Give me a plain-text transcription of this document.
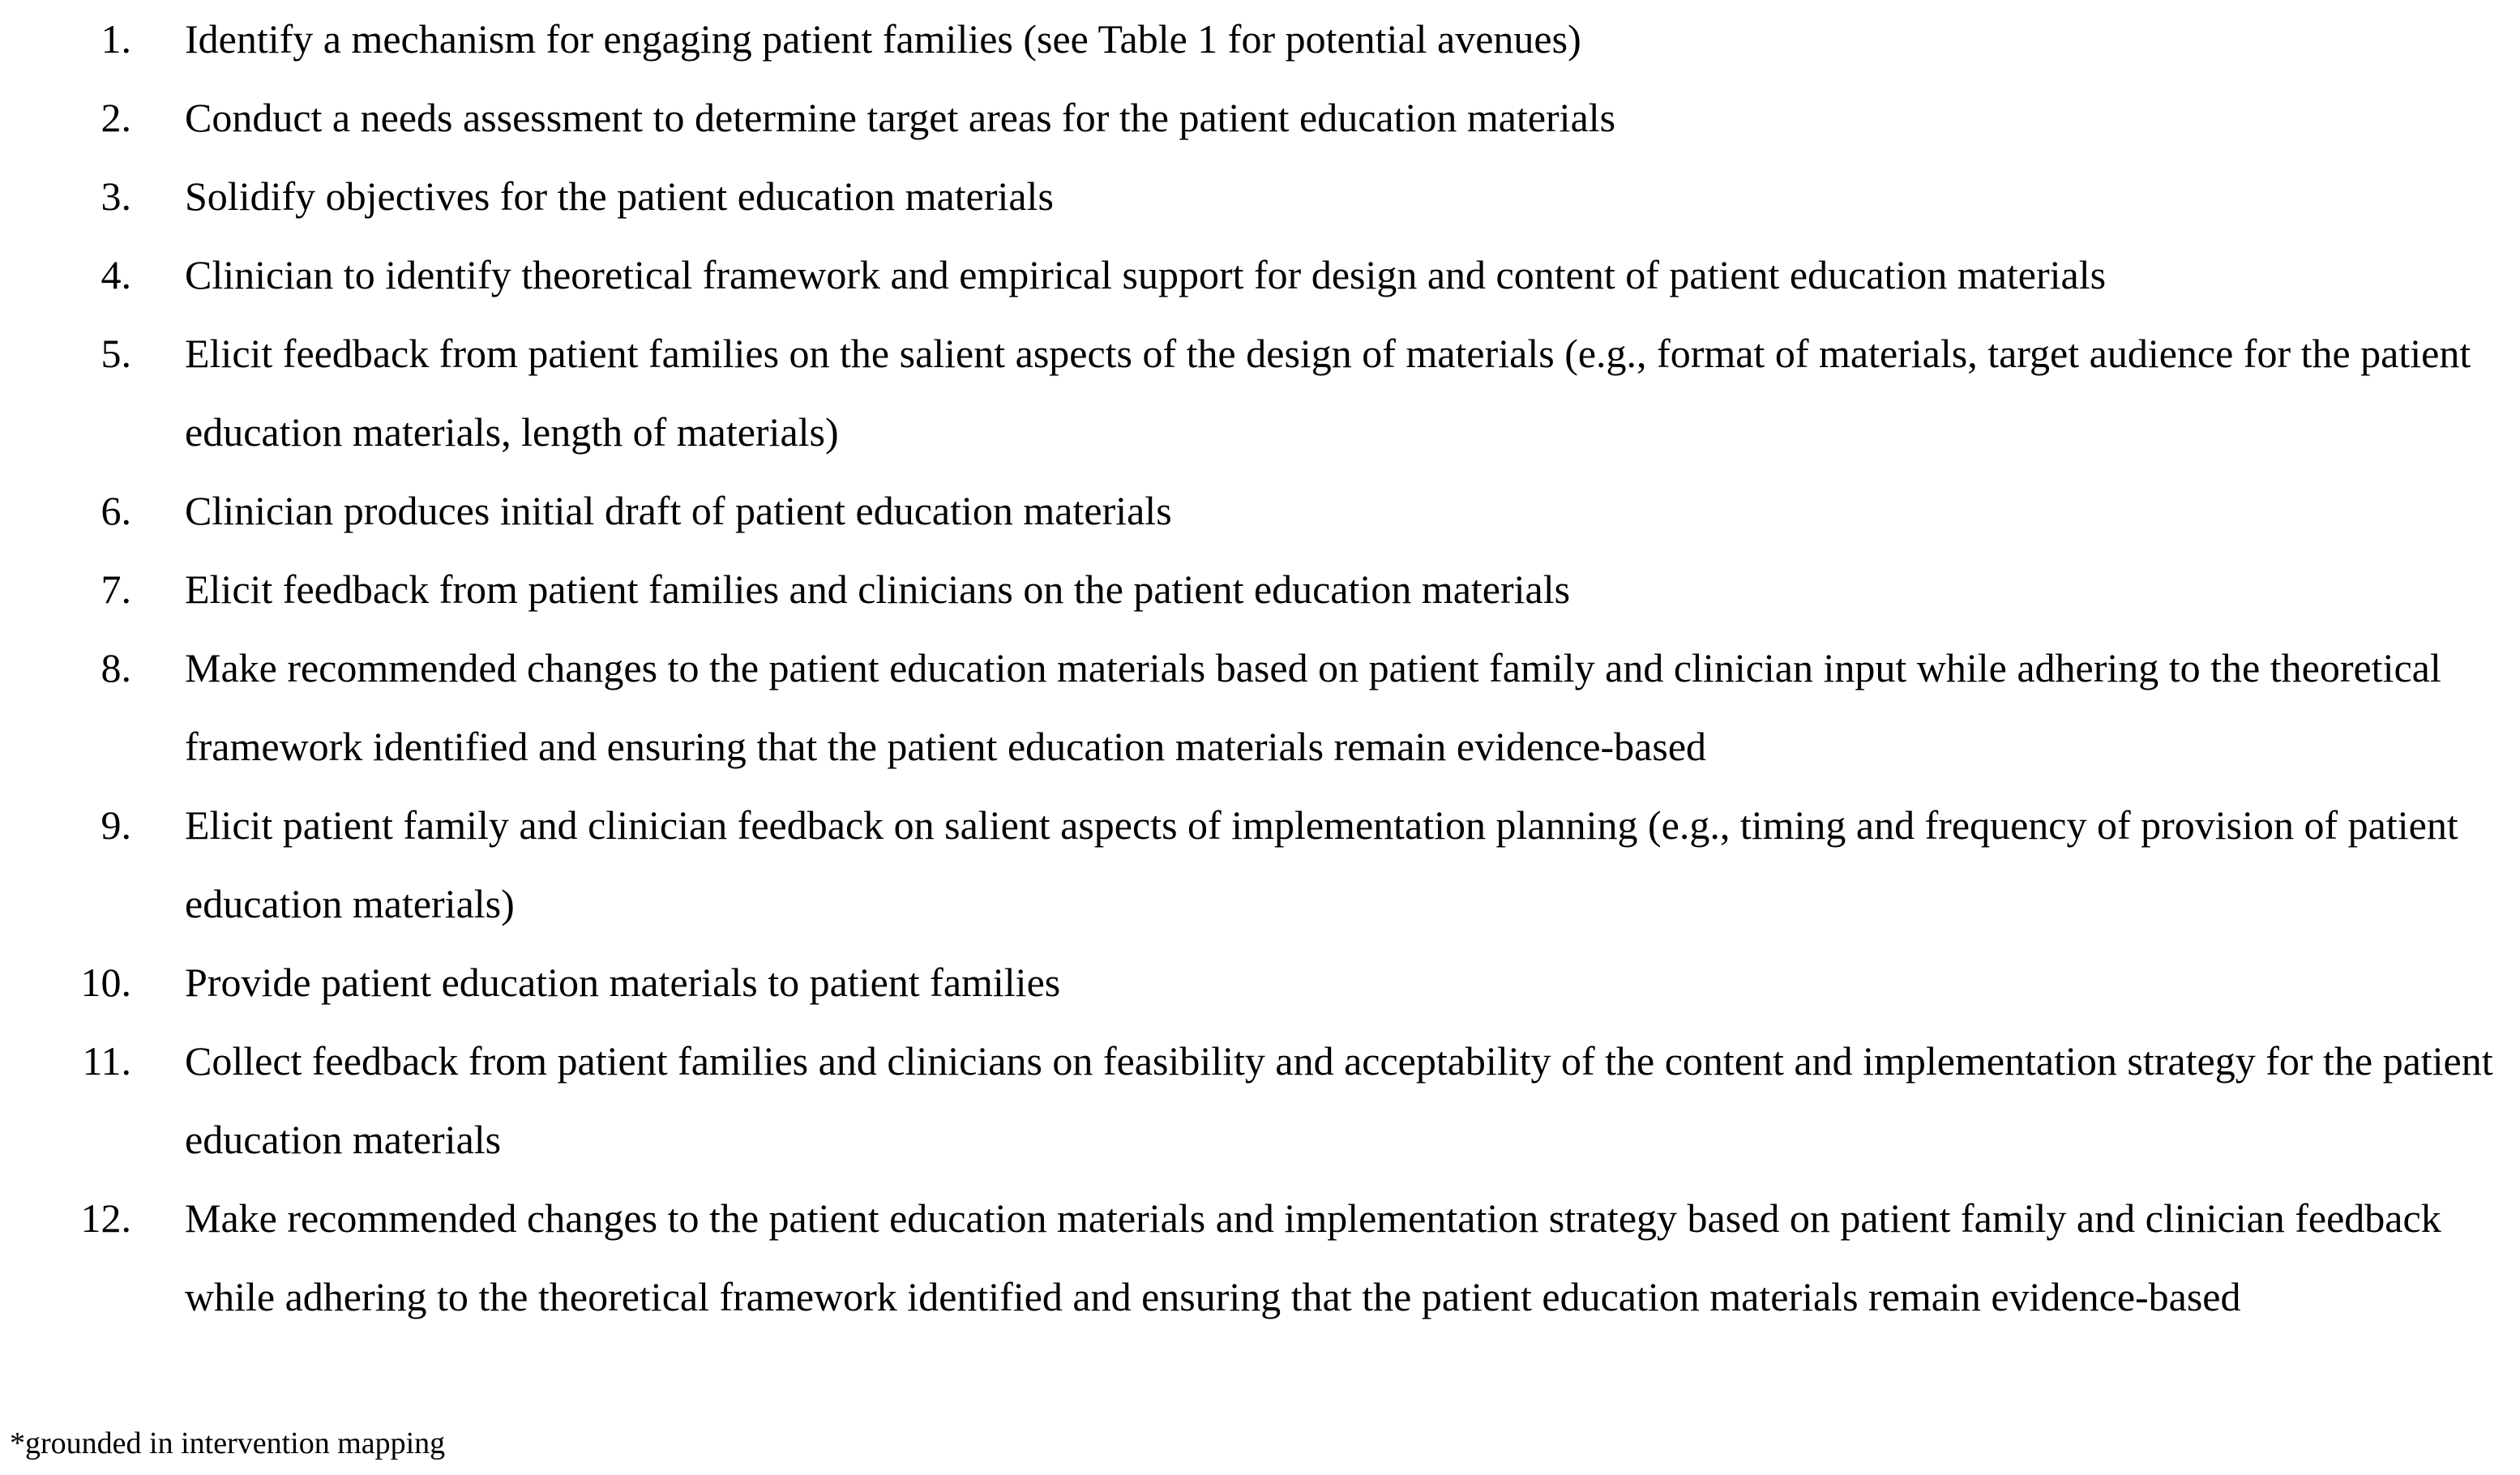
1. Identify a mechanism for engaging patient families (see Table 1 for potential avenues)
2. Conduct a needs assessment to determine target areas for the patient education materials
3. Solidify objectives for the patient education materials
4. Clinician to identify theoretical framework and empirical support for design and content of patient education materials
5. Elicit feedback from patient families on the salient aspects of the design of materials (e.g., format of materials, target audience for the patient education materials, length of materials)
6. Clinician produces initial draft of patient education materials
7. Elicit feedback from patient families and clinicians on the patient education materials
8. Make recommended changes to the patient education materials based on patient family and clinician input while adhering to the theoretical framework identified and ensuring that the patient education materials remain evidence-based
9. Elicit patient family and clinician feedback on salient aspects of implementation planning (e.g., timing and frequency of provision of patient education materials)
10. Provide patient education materials to patient families
11. Collect feedback from patient families and clinicians on feasibility and acceptability of the content and implementation strategy for the patient education materials
12. Make recommended changes to the patient education materials and implementation strategy based on patient family and clinician feedback while adhering to the theoretical framework identified and ensuring that the patient education materials remain evidence-based
*grounded in intervention mapping
